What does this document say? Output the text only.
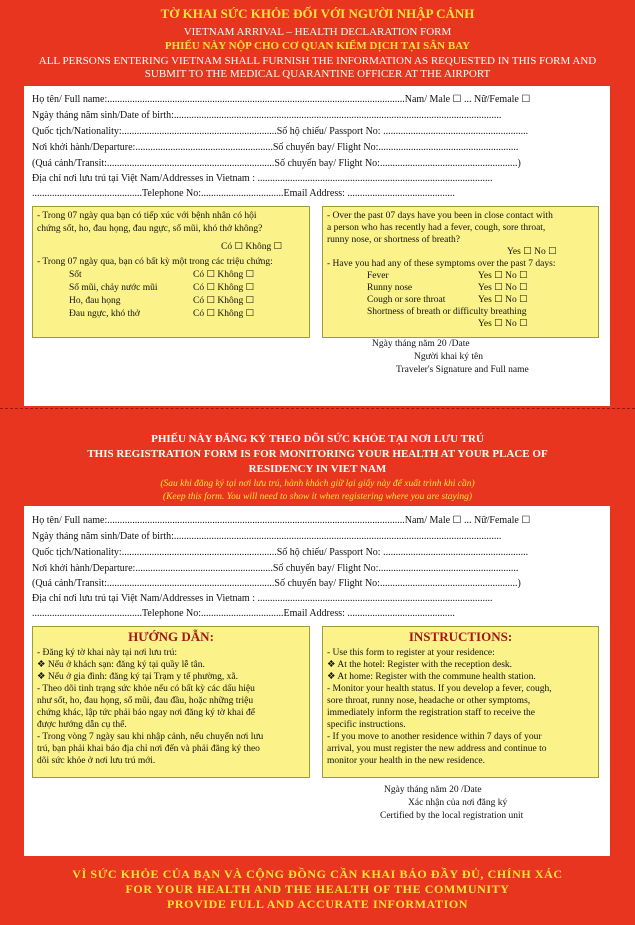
TỜ KHAI SỨC KHỎE ĐỐI VỚI NGƯỜI NHẬP CẢNH
VIETNAM ARRIVAL – HEALTH DECLARATION FORM
PHIẾU NÀY NỘP CHO CƠ QUAN KIỂM DỊCH TẠI SÂN BAY
ALL PERSONS ENTERING VIETNAM SHALL FURNISH THE INFORMATION AS REQUESTED IN THIS FORM AND
SUBMIT TO THE MEDICAL QUARANTINE OFFICER AT THE AIRPORT
Họ tên/ Full name:.......................................................................................................................Nam/ Male ☐ ... Nữ/Female ☐
Ngày tháng năm sinh/Date of birth:...................................................................................................................................
Quốc tịch/Nationality:..............................................................Số hộ chiếu/ Passport No: ..........................................................
Nơi khởi hành/Departure:.......................................................Số chuyến bay/ Flight No:........................................................
(Quá cảnh/Transit:...................................................................Số chuyến bay/ Flight No:.......................................................)
Địa chỉ nơi lưu trú tại Việt Nam/Addresses in Vietnam : ..............................................................................................
............................................Telephone No:.................................Email Address: ...........................................
- Trong 07 ngày qua bạn có tiếp xúc với bệnh nhân có hội
chứng sốt, ho, đau họng, đau ngực, sổ mũi, khó thở không?
Có ☐ Không ☐
- Trong 07 ngày qua, bạn có bất kỳ một trong các triệu chứng:
Sốt	Có ☐ Không ☐
Sổ mũi, chảy nước mũi	Có ☐ Không ☐
Ho, đau họng	Có ☐ Không ☐
Đau ngực, khó thở	Có ☐ Không ☐
- Over the past 07 days have you been in close contact with
a person who has recently had a fever, cough, sore throat,
runny nose, or shortness of breath?
Yes ☐ No ☐
- Have you had any of these symptoms over the past 7 days:
Fever	Yes ☐ No ☐
Runny nose	Yes ☐ No ☐
Cough or sore throat	Yes ☐ No ☐
Shortness of breath or difficulty breathing
Yes ☐ No ☐
Ngày tháng năm 20 /Date
Người khai ký tên
Traveler's Signature and Full name
PHIẾU NÀY ĐĂNG KÝ THEO DÕI SỨC KHỎE TẠI NƠI LƯU TRÚ
THIS REGISTRATION FORM IS FOR MONITORING YOUR HEALTH AT YOUR PLACE OF
RESIDENCY IN VIET NAM
(Sau khi đăng ký tại nơi lưu trú, hành khách giữ lại giấy này để xuất trình khi cần)
(Keep this form. You will need to show it when registering where you are staying)
Họ tên/ Full name:.......................................................................................................................Nam/ Male ☐ ... Nữ/Female ☐
Ngày tháng năm sinh/Date of birth:...................................................................................................................................
Quốc tịch/Nationality:..............................................................Số hộ chiếu/ Passport No: ..........................................................
Nơi khởi hành/Departure:.......................................................Số chuyến bay/ Flight No:........................................................
(Quá cảnh/Transit:...................................................................Số chuyến bay/ Flight No:.......................................................)
Địa chỉ nơi lưu trú tại Việt Nam/Addresses in Vietnam : ..............................................................................................
............................................Telephone No:.................................Email Address: ...........................................
HƯỚNG DẪN:
- Đăng ký tờ khai này tại nơi lưu trú:
❖ Nếu ở khách sạn: đăng ký tại quầy lễ tân.
❖ Nếu ở gia đình: đăng ký tại Trạm y tế phường, xã.
- Theo dõi tình trạng sức khỏe nếu có bất kỳ các dấu hiệu
như sốt, ho, đau họng, sổ mũi, đau đầu, hoặc những triệu
chứng khác, lập tức phải báo ngay nơi đăng ký tờ khai để
được hướng dẫn cụ thể.
- Trong vòng 7 ngày sau khi nhập cảnh, nếu chuyển nơi lưu
trú, bạn phải khai báo địa chỉ nơi đến và phải đăng ký theo
dõi sức khỏe ở nơi lưu trú mới.
INSTRUCTIONS:
- Use this form to register at your residence:
❖ At the hotel: Register with the reception desk.
❖ At home: Register with the commune health station.
- Monitor your health status. If you develop a fever, cough,
sore throat, runny nose, headache or other symptoms,
immediately inform the registration staff to receive the
specific instructions.
- If you move to another residence within 7 days of your
arrival, you must register the new address and continue to
monitor your health in the new residence.
Ngày tháng năm 20 /Date
Xác nhận của nơi đăng ký
Certified by the local registration unit
VÌ SỨC KHỎE CỦA BẠN VÀ CỘNG ĐỒNG CẦN KHAI BÁO ĐẦY ĐỦ, CHÍNH XÁC
FOR YOUR HEALTH AND THE HEALTH OF THE COMMUNITY
PROVIDE FULL AND ACCURATE INFORMATION
